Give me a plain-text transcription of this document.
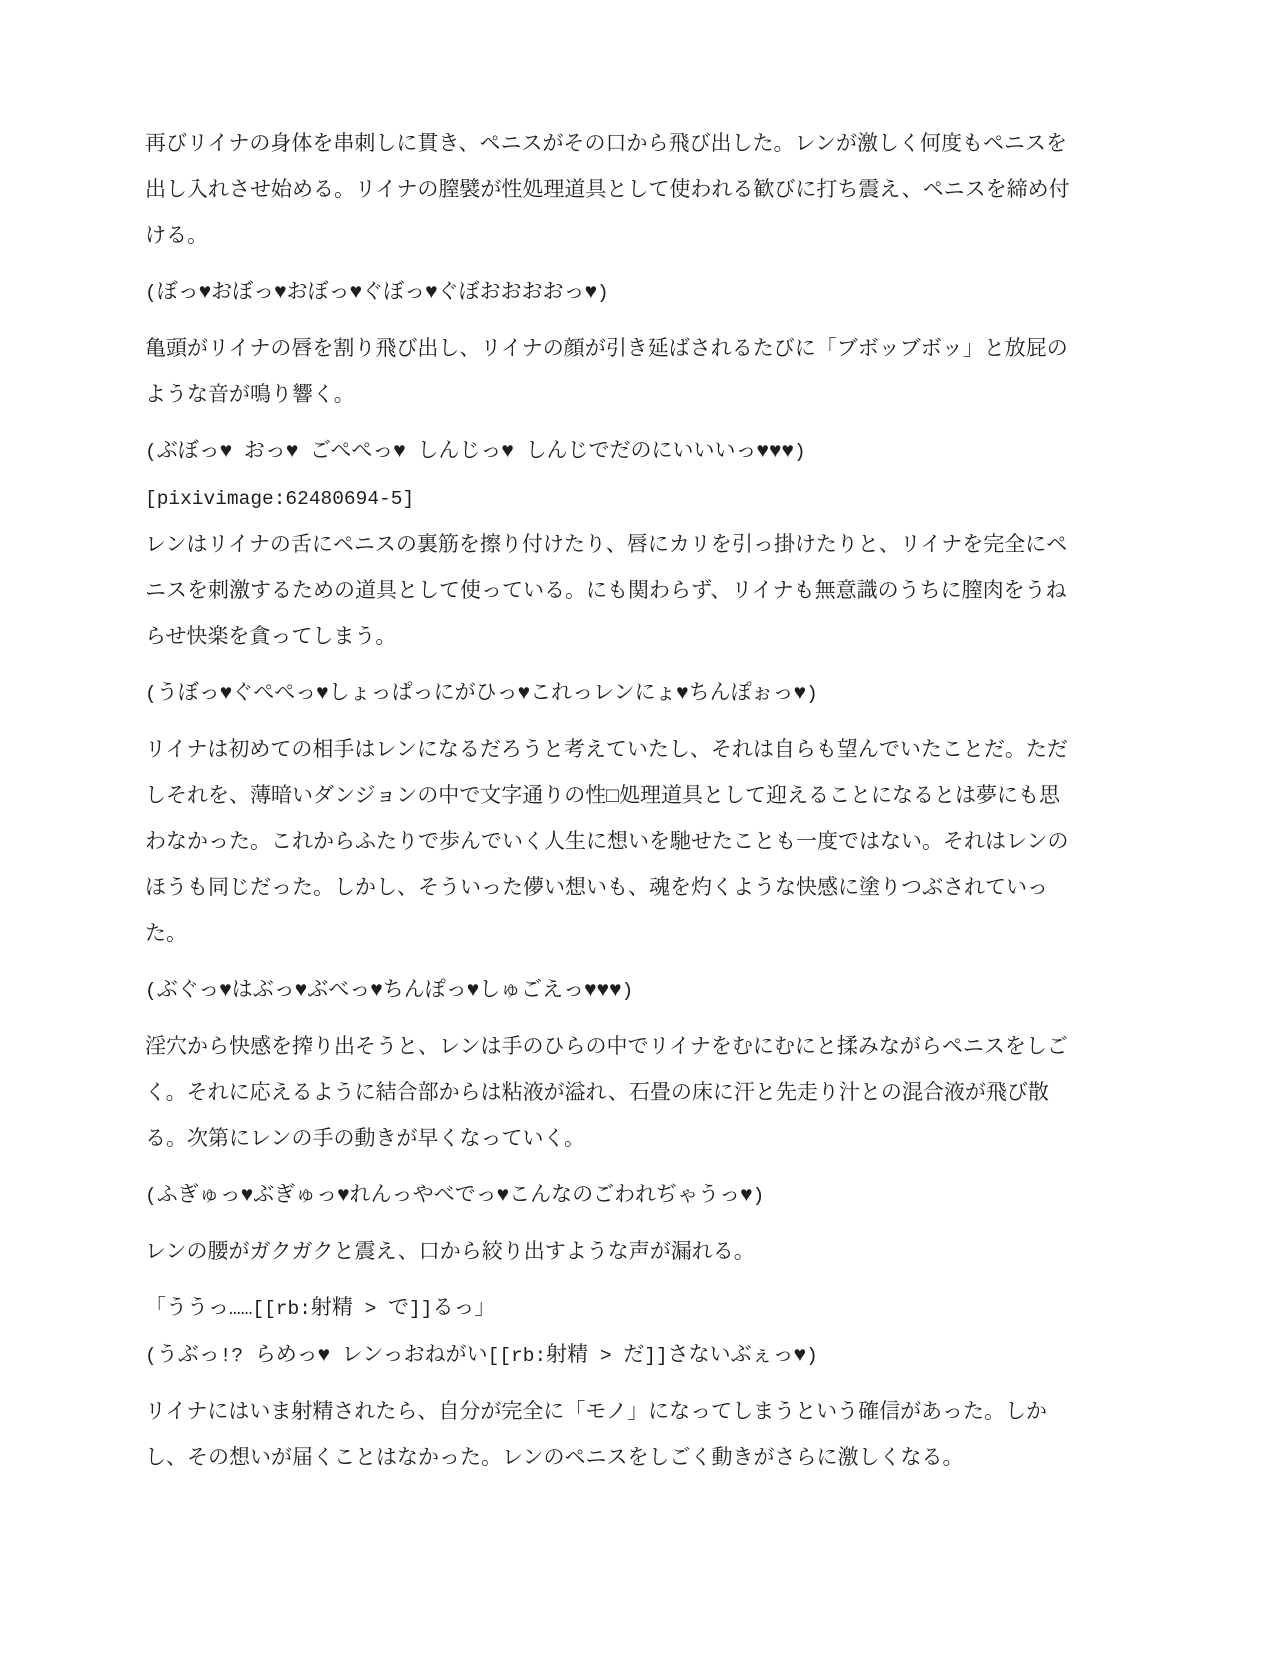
再びリイナの身体を串刺しに貫き、ペニスがその口から飛び出した。レンが激しく何度もペニスを出し入れさせ始める。リイナの膣襞が性処理道具として使われる歓びに打ち震え、ペニスを締め付ける。
(ぼっ♥おぼっ♥おぼっ♥ぐぼっ♥ぐぼおおおおっ♥)
亀頭がリイナの唇を割り飛び出し、リイナの顔が引き延ばされるたびに「ブボッブボッ」と放屁のような音が鳴り響く。
(ぶぼっ♥ おっ♥ ごぺぺっ♥ しんじっ♥ しんじでだのにいいいっ♥♥♥)
[pixivimage:62480694-5]
レンはリイナの舌にペニスの裏筋を擦り付けたり、唇にカリを引っ掛けたりと、リイナを完全にペニスを刺激するための道具として使っている。にも関わらず、リイナも無意識のうちに膣肉をうねらせ快楽を貪ってしまう。
(うぼっ♥ぐぺぺっ♥しょっぱっにがひっ♥これっレンにょ♥ちんぽぉっ♥)
リイナは初めての相手はレンになるだろうと考えていたし、それは自らも望んでいたことだ。ただしそれを、薄暗いダンジョンの中で文字通りの性□処理道具として迎えることになるとは夢にも思わなかった。これからふたりで歩んでいく人生に想いを馳せたことも一度ではない。それはレンのほうも同じだった。しかし、そういった儚い想いも、魂を灼くような快感に塗りつぶされていった。
(ぶぐっ♥はぶっ♥ぶべっ♥ちんぽっ♥しゅごえっ♥♥♥)
淫穴から快感を搾り出そうと、レンは手のひらの中でリイナをむにむにと揉みながらペニスをしごく。それに応えるように結合部からは粘液が溢れ、石畳の床に汗と先走り汁との混合液が飛び散る。次第にレンの手の動きが早くなっていく。
(ふぎゅっ♥ぶぎゅっ♥れんっやべでっ♥こんなのごわれぢゃうっ♥)
レンの腰がガクガクと震え、口から絞り出すような声が漏れる。
「ううっ……[[rb:射精 > で]]るっ」
(うぶっ!? らめっ♥ レンっおねがい[[rb:射精 > だ]]さないぶぇっ♥)
リイナにはいま射精されたら、自分が完全に「モノ」になってしまうという確信があった。しかし、その想いが届くことはなかった。レンのペニスをしごく動きがさらに激しくなる。
